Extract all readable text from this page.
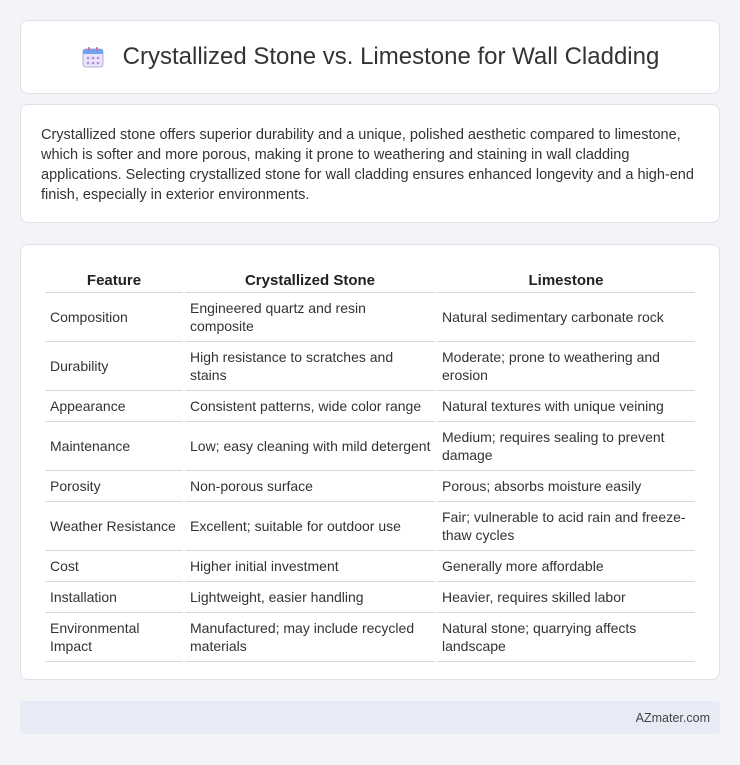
Crystallized Stone vs. Limestone for Wall Cladding

Crystallized stone offers superior durability and a unique, polished aesthetic compared to limestone, which is softer and more porous, making it prone to weathering and staining in wall cladding applications. Selecting crystallized stone for wall cladding ensures enhanced longevity and a high-end finish, especially in exterior environments.

Feature	Crystallized Stone	Limestone
Composition	Engineered quartz and resin composite	Natural sedimentary carbonate rock
Durability	High resistance to scratches and stains	Moderate; prone to weathering and erosion
Appearance	Consistent patterns, wide color range	Natural textures with unique veining
Maintenance	Low; easy cleaning with mild detergent	Medium; requires sealing to prevent damage
Porosity	Non-porous surface	Porous; absorbs moisture easily
Weather Resistance	Excellent; suitable for outdoor use	Fair; vulnerable to acid rain and freeze-thaw cycles
Cost	Higher initial investment	Generally more affordable
Installation	Lightweight, easier handling	Heavier, requires skilled labor
Environmental Impact	Manufactured; may include recycled materials	Natural stone; quarrying affects landscape
AZmater.com
